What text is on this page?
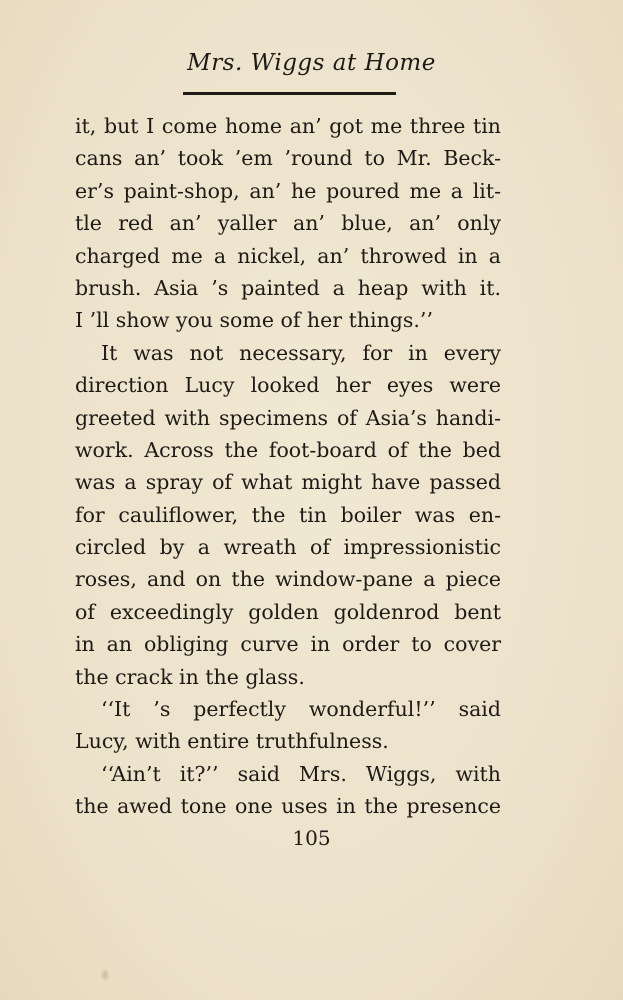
Mrs. Wiggs at Home
it, but I come home an’ got me three tin
cans an’ took ’em ’round to Mr. Beck-
er’s paint-shop, an’ he poured me a lit-
tle red an’ yaller an’ blue, an’ only
charged me a nickel, an’ throwed in a
brush. Asia ’s painted a heap with it.
I ’ll show you some of her things.’’
It was not necessary, for in every
direction Lucy looked her eyes were
greeted with specimens of Asia’s handi-
work. Across the foot-board of the bed
was a spray of what might have passed
for cauliflower, the tin boiler was en-
circled by a wreath of impressionistic
roses, and on the window-pane a piece
of exceedingly golden goldenrod bent
in an obliging curve in order to cover
the crack in the glass.
‘‘It ’s perfectly wonderful!’’ said
Lucy, with entire truthfulness.
‘‘Ain’t it?’’ said Mrs. Wiggs, with
the awed tone one uses in the presence
105
